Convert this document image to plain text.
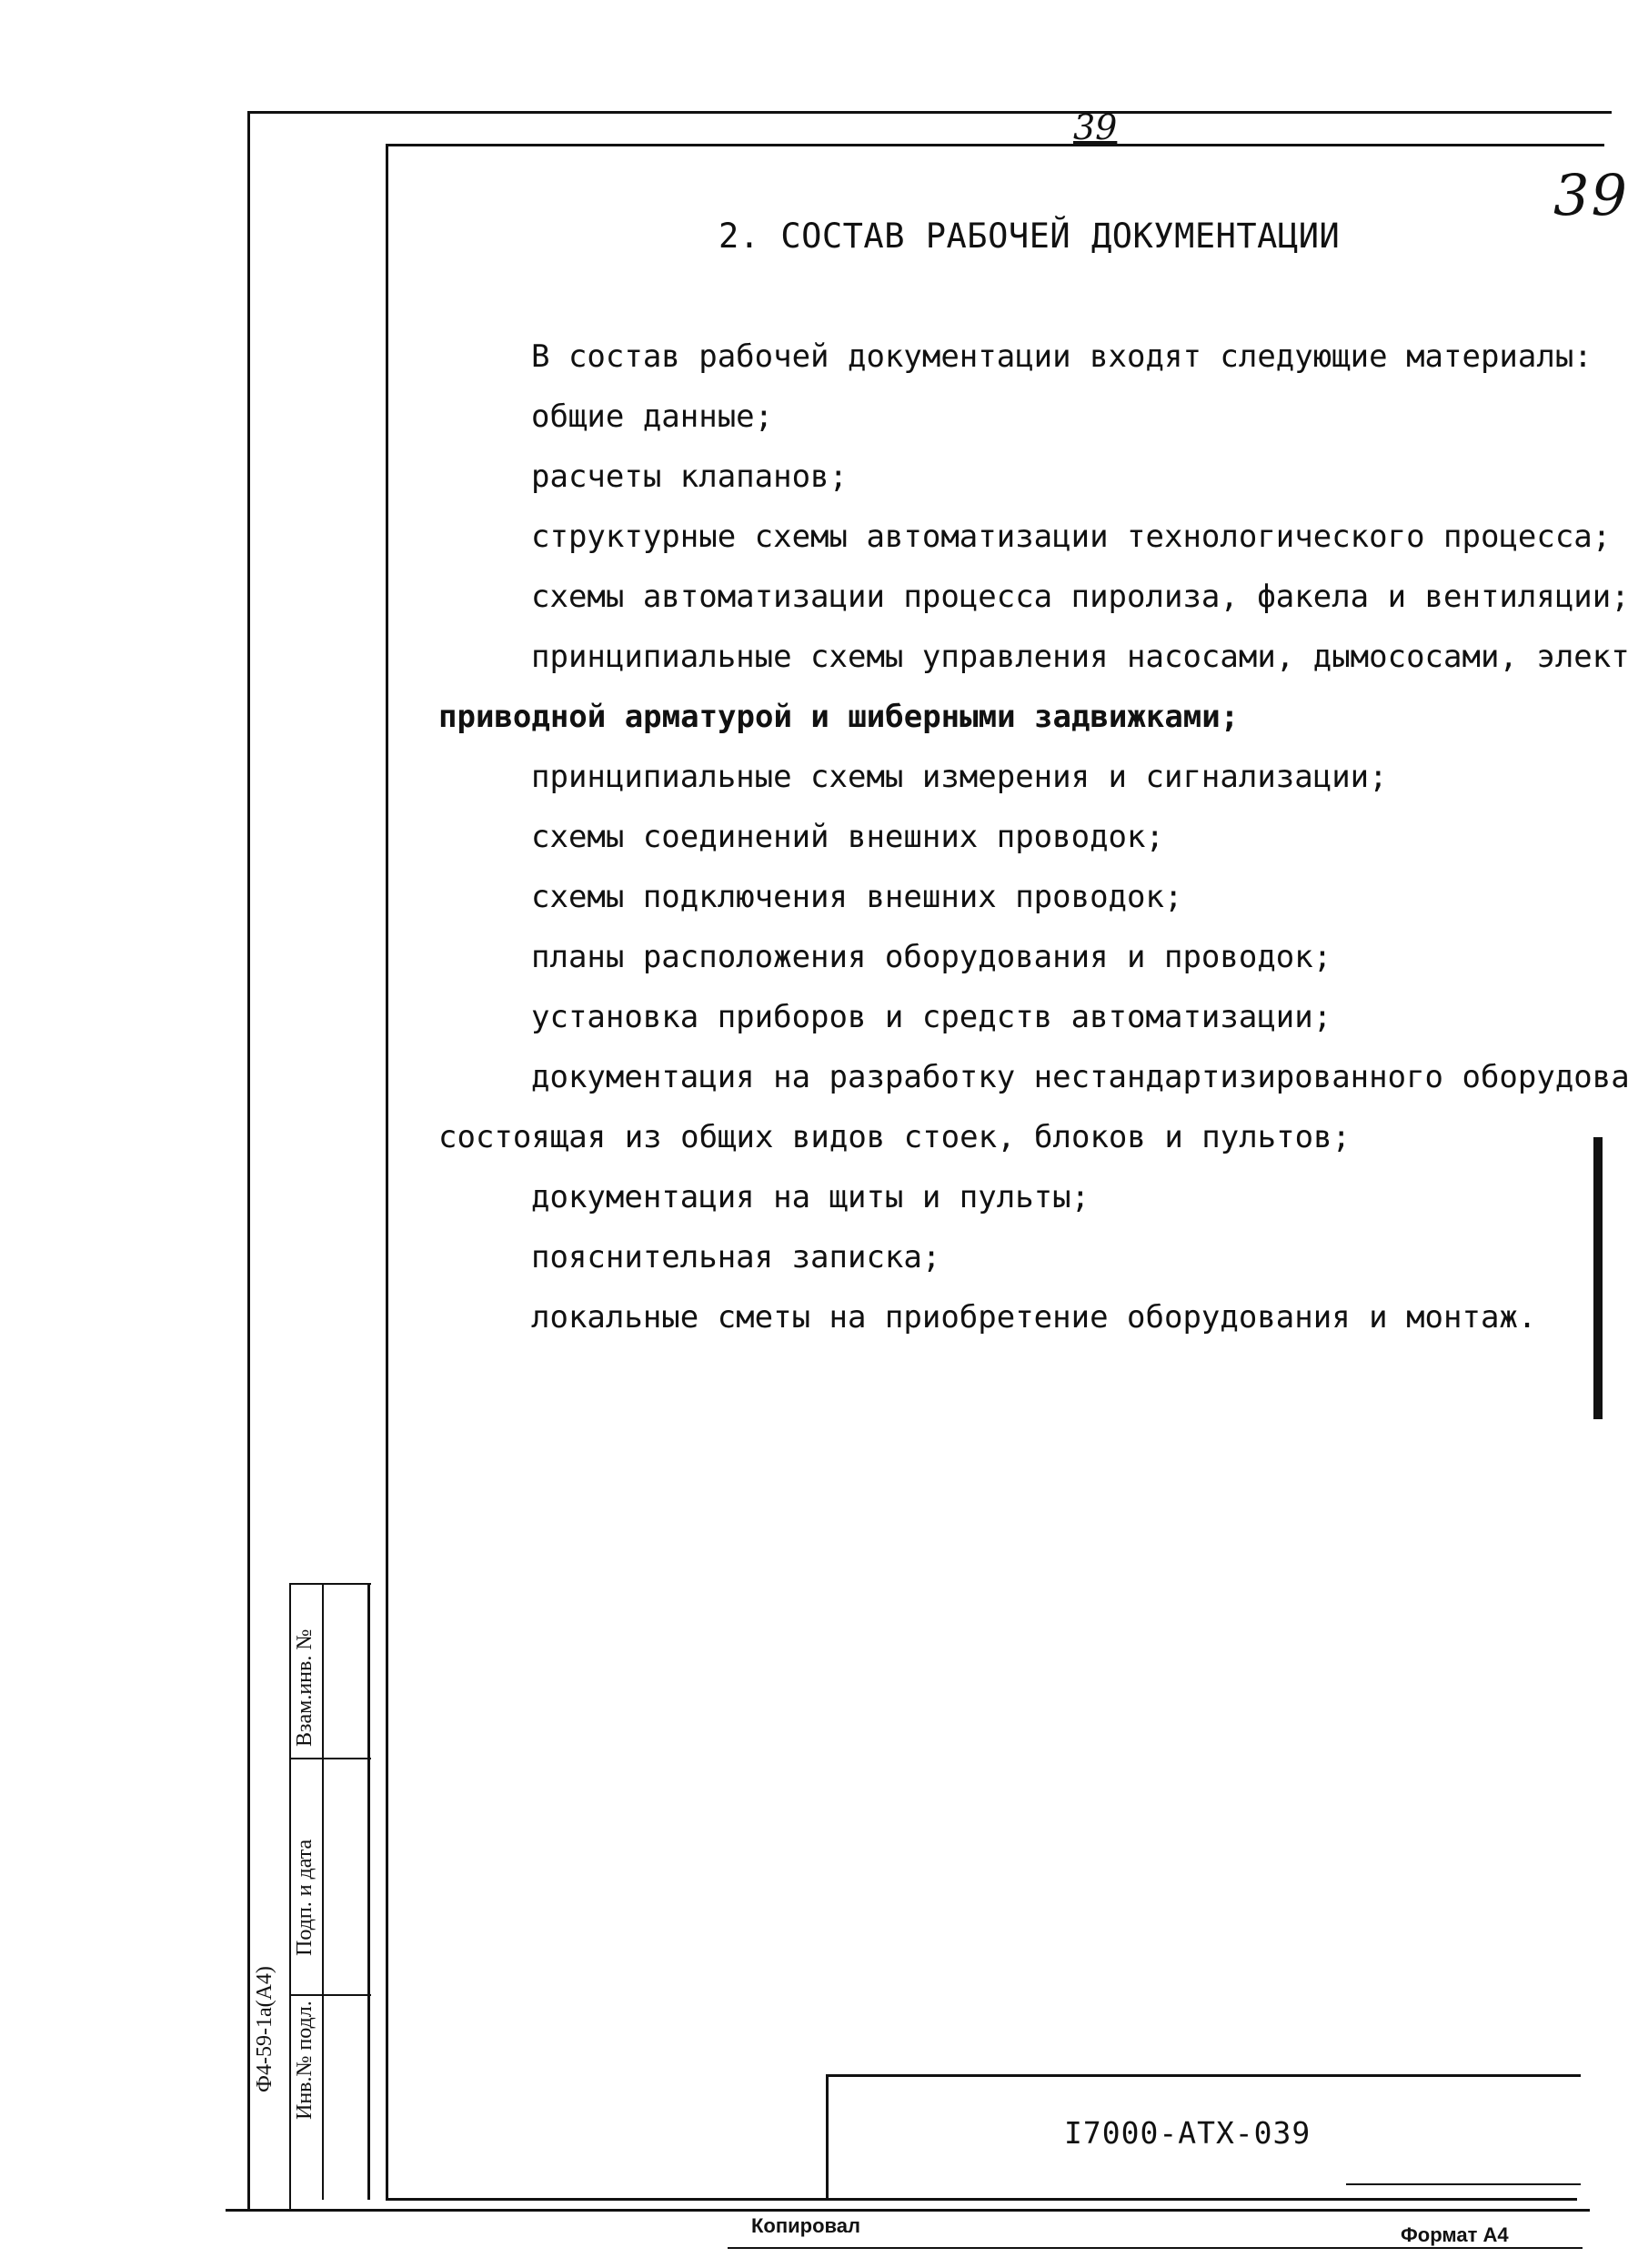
39
39
2. СОСТАВ РАБОЧЕЙ ДОКУМЕНТАЦИИ
В состав рабочей документации входят следующие материалы:
общие данные;
расчеты клапанов;
структурные схемы автоматизации технологического процесса;
схемы автоматизации процесса пиролиза, факела и вентиляции;
принципиальные схемы управления насосами, дымососами, элект
приводной арматурой и шиберными задвижками;
принципиальные схемы измерения и сигнализации;
схемы соединений внешних проводок;
схемы подключения внешних проводок;
планы расположения оборудования и проводок;
установка приборов и средств автоматизации;
документация на разработку нестандартизированного оборудова
состоящая из общих видов стоек, блоков и пультов;
документация на щиты и пульты;
пояснительная записка;
локальные сметы на приобретение оборудования и монтаж.
Ф4-59-1а(А4) Инв.№ подл.
Подп. и дата
Взам.инв. №
I7000-АТХ-039
Копировал	Формат А4
